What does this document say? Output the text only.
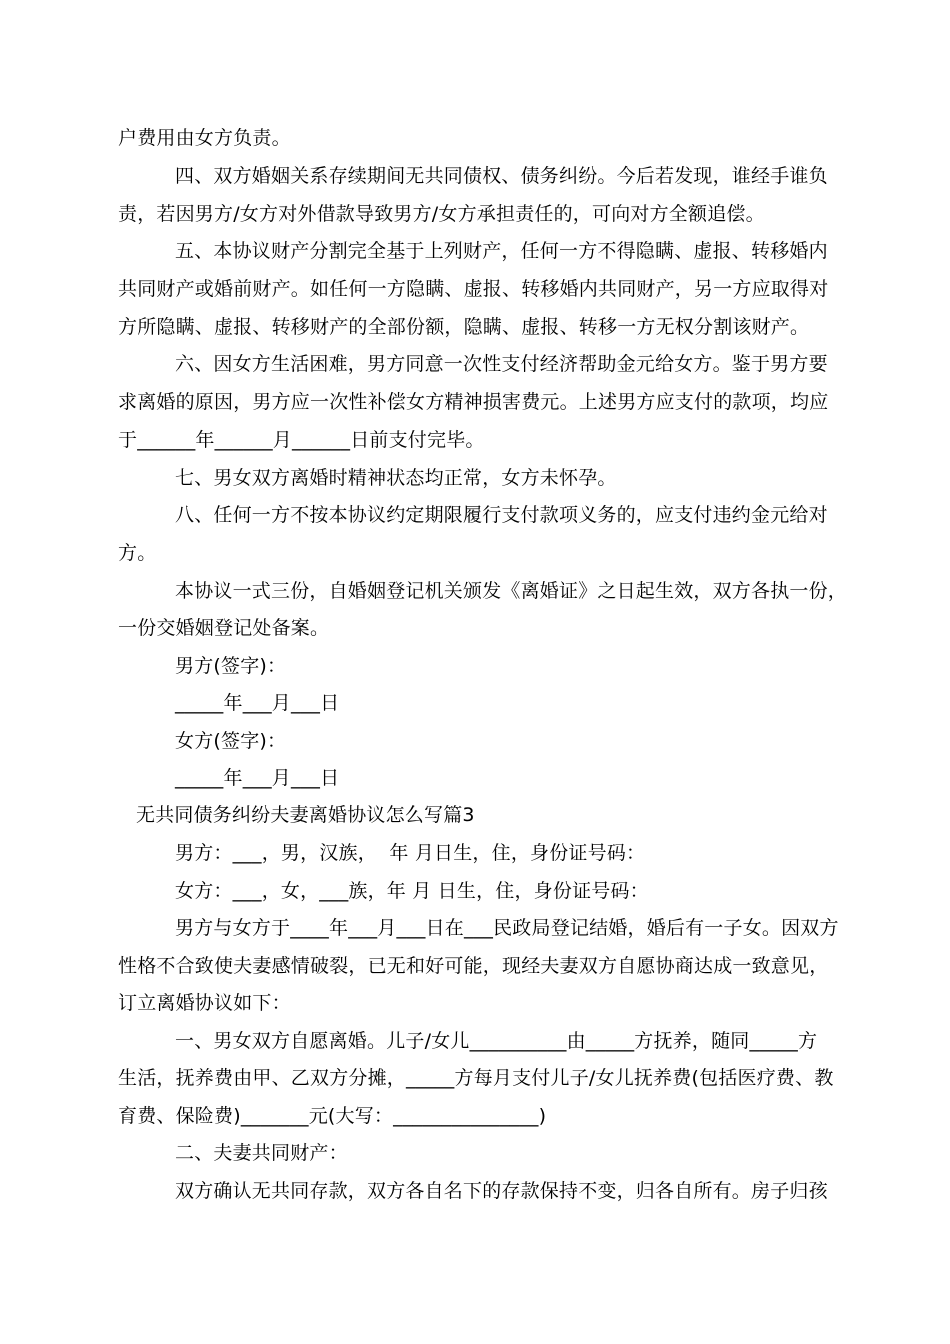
户费用由女方负责。
四、双方婚姻关系存续期间无共同债权、债务纠纷。今后若发现，谁经手谁负
责，若因男方/女方对外借款导致男方/女方承担责任的，可向对方全额追偿。
五、本协议财产分割完全基于上列财产，任何一方不得隐瞒、虚报、转移婚内
共同财产或婚前财产。如任何一方隐瞒、虚报、转移婚内共同财产，另一方应取得对
方所隐瞒、虚报、转移财产的全部份额，隐瞒、虚报、转移一方无权分割该财产。
六、因女方生活困难，男方同意一次性支付经济帮助金元给女方。鉴于男方要
求离婚的原因，男方应一次性补偿女方精神损害费元。上述男方应支付的款项，均应
于______年______月______日前支付完毕。
七、男女双方离婚时精神状态均正常，女方未怀孕。
八、任何一方不按本协议约定期限履行支付款项义务的，应支付违约金元给对
方。
本协议一式三份，自婚姻登记机关颁发《离婚证》之日起生效，双方各执一份，
一份交婚姻登记处备案。
男方(签字)：
_____年___月___日
女方(签字)：
_____年___月___日
无共同债务纠纷夫妻离婚协议怎么写篇3
男方：___，男，汉族，  年 月日生，住，身份证号码：
女方：___，女，___族，年 月 日生，住，身份证号码：
男方与女方于____年___月___日在___民政局登记结婚，婚后有一子女。因双方
性格不合致使夫妻感情破裂，已无和好可能，现经夫妻双方自愿协商达成一致意见，
订立离婚协议如下：
一、男女双方自愿离婚。儿子/女儿__________由_____方抚养，随同_____方
生活，抚养费由甲、乙双方分摊，_____方每月支付儿子/女儿抚养费(包括医疗费、教
育费、保险费)_______元(大写：_______________)
二、夫妻共同财产：
双方确认无共同存款，双方各自名下的存款保持不变，归各自所有。房子归孩
